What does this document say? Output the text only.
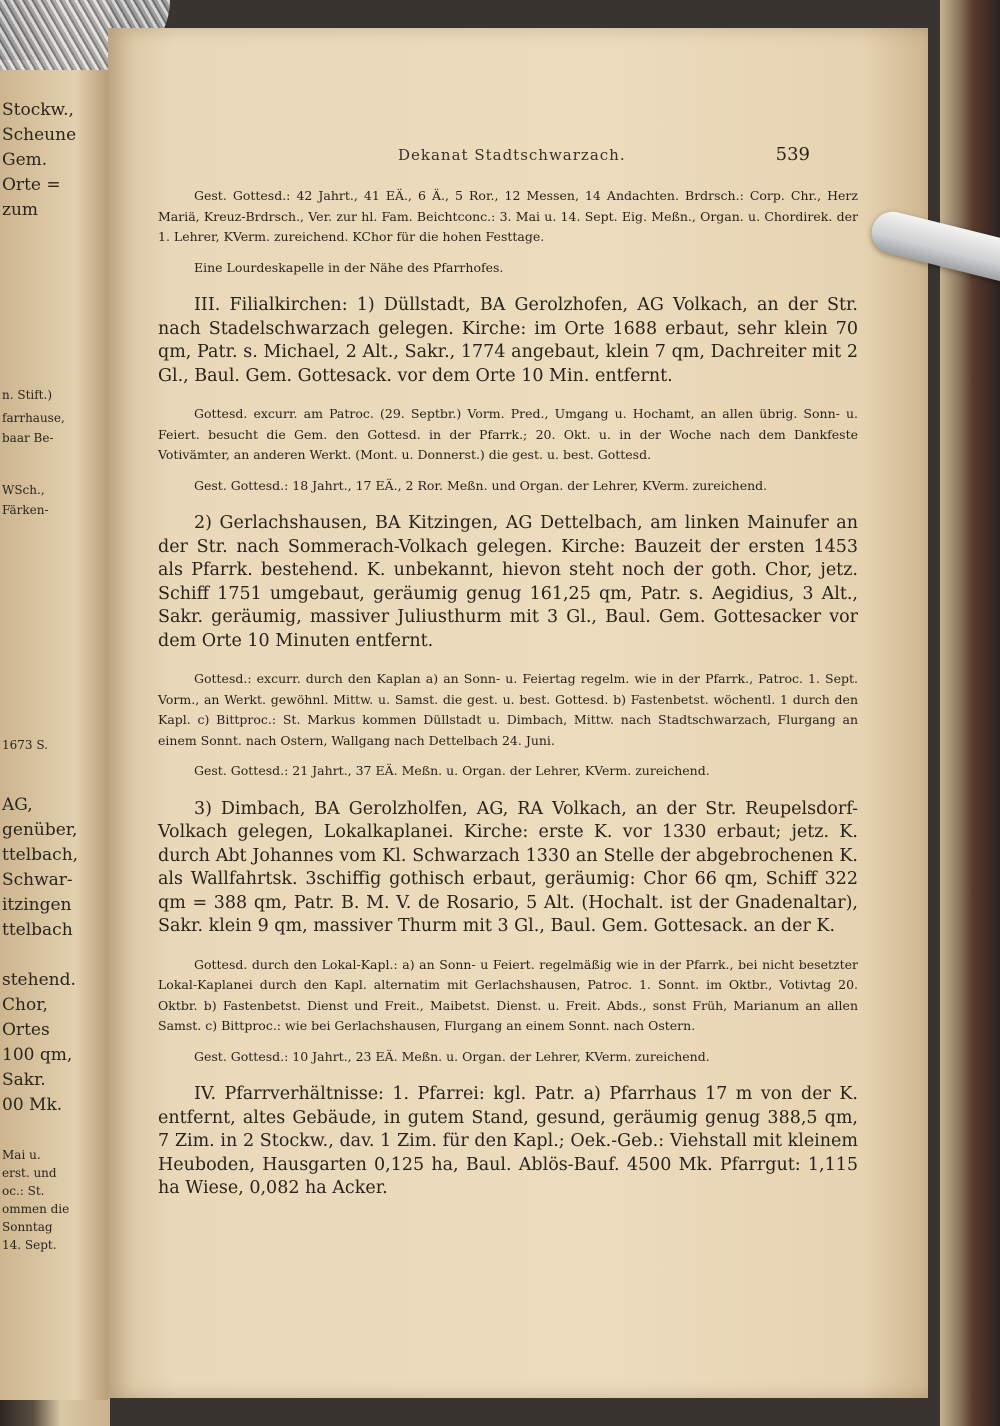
Stockw.,
Scheune
Gem.
Orte =
zum
n. Stift.)
farrhause,
baar Be-
WSch.,
Färken-
1673 S.
AG,
genüber,
ttelbach,
Schwar-
itzingen
ttelbach
stehend.
Chor,
Ortes
100 qm,
Sakr.
00 Mk.
Mai u.
erst. und
oc.: St.
ommen die
Sonntag
14. Sept.
Dekanat Stadtschwarzach.	539

Gest. Gottesd.: 42 Jahrt., 41 EÄ., 6 Ä., 5 Ror., 12 Messen, 14 Andachten. Brdrsch.: Corp. Chr., Herz Mariä, Kreuz-Brdrsch., Ver. zur hl. Fam. Beichtconc.: 3. Mai u. 14. Sept. Eig. Meßn., Organ. u. Chordirek. der 1. Lehrer, KVerm. zureichend. KChor für die hohen Festtage.

Eine Lourdeskapelle in der Nähe des Pfarrhofes.

III. Filialkirchen: 1) Düllstadt, BA Gerolzhofen, AG Volkach, an der Str. nach Stadelschwarzach gelegen. Kirche: im Orte 1688 erbaut, sehr klein 70 qm, Patr. s. Michael, 2 Alt., Sakr., 1774 angebaut, klein 7 qm, Dachreiter mit 2 Gl., Baul. Gem. Gottesack. vor dem Orte 10 Min. entfernt.

Gottesd. excurr. am Patroc. (29. Septbr.) Vorm. Pred., Umgang u. Hochamt, an allen übrig. Sonn- u. Feiert. besucht die Gem. den Gottesd. in der Pfarrk.; 20. Okt. u. in der Woche nach dem Dankfeste Votivämter, an anderen Werkt. (Mont. u. Donnerst.) die gest. u. best. Gottesd.

Gest. Gottesd.: 18 Jahrt., 17 EÄ., 2 Ror. Meßn. und Organ. der Lehrer, KVerm. zureichend.

2) Gerlachshausen, BA Kitzingen, AG Dettelbach, am linken Mainufer an der Str. nach Sommerach-Volkach gelegen. Kirche: Bauzeit der ersten 1453 als Pfarrk. bestehend. K. unbekannt, hievon steht noch der goth. Chor, jetz. Schiff 1751 umgebaut, geräumig genug 161,25 qm, Patr. s. Aegidius, 3 Alt., Sakr. geräumig, massiver Juliusthurm mit 3 Gl., Baul. Gem. Gottesacker vor dem Orte 10 Minuten entfernt.

Gottesd.: excurr. durch den Kaplan a) an Sonn- u. Feiertag regelm. wie in der Pfarrk., Patroc. 1. Sept. Vorm., an Werkt. gewöhnl. Mittw. u. Samst. die gest. u. best. Gottesd. b) Fastenbetst. wöchentl. 1 durch den Kapl. c) Bittproc.: St. Markus kommen Düllstadt u. Dimbach, Mittw. nach Stadtschwarzach, Flurgang an einem Sonnt. nach Ostern, Wallgang nach Dettelbach 24. Juni.

Gest. Gottesd.: 21 Jahrt., 37 EÄ. Meßn. u. Organ. der Lehrer, KVerm. zureichend.

3) Dimbach, BA Gerolzholfen, AG, RA Volkach, an der Str. Reupelsdorf-Volkach gelegen, Lokalkaplanei. Kirche: erste K. vor 1330 erbaut; jetz. K. durch Abt Johannes vom Kl. Schwarzach 1330 an Stelle der abgebrochenen K. als Wallfahrtsk. 3schiffig gothisch erbaut, geräumig: Chor 66 qm, Schiff 322 qm = 388 qm, Patr. B. M. V. de Rosario, 5 Alt. (Hochalt. ist der Gnadenaltar), Sakr. klein 9 qm, massiver Thurm mit 3 Gl., Baul. Gem. Gottesack. an der K.

Gottesd. durch den Lokal-Kapl.: a) an Sonn- u Feiert. regelmäßig wie in der Pfarrk., bei nicht besetzter Lokal-Kaplanei durch den Kapl. alternatim mit Gerlachshausen, Patroc. 1. Sonnt. im Oktbr., Votivtag 20. Oktbr. b) Fastenbetst. Dienst und Freit., Maibetst. Dienst. u. Freit. Abds., sonst Früh, Marianum an allen Samst. c) Bittproc.: wie bei Gerlachshausen, Flurgang an einem Sonnt. nach Ostern.

Gest. Gottesd.: 10 Jahrt., 23 EÄ. Meßn. u. Organ. der Lehrer, KVerm. zureichend.

IV. Pfarrverhältnisse: 1. Pfarrei: kgl. Patr. a) Pfarrhaus 17 m von der K. entfernt, altes Gebäude, in gutem Stand, gesund, geräumig genug 388,5 qm, 7 Zim. in 2 Stockw., dav. 1 Zim. für den Kapl.; Oek.-Geb.: Viehstall mit kleinem Heuboden, Hausgarten 0,125 ha, Baul. Ablös-Bauf. 4500 Mk. Pfarrgut: 1,115 ha Wiese, 0,082 ha Acker.
